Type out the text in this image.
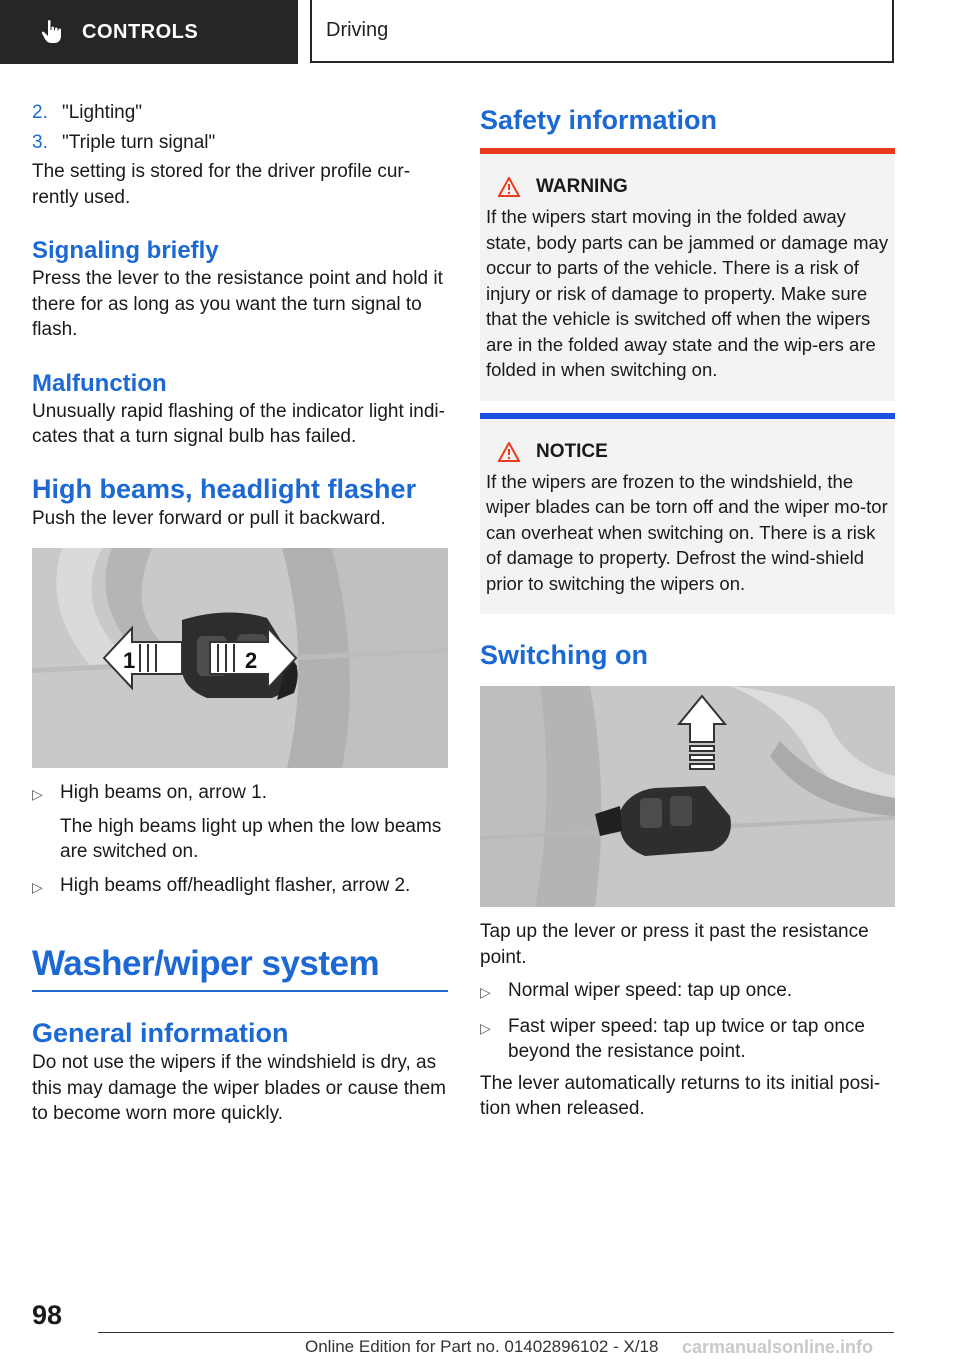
CONTROLS	Driving
2. "Lighting"
3. "Triple turn signal"

The setting is stored for the driver profile cur-rently used.

Signaling briefly

Press the lever to the resistance point and hold it there for as long as you want the turn signal to flash.

Malfunction

Unusually rapid flashing of the indicator light indi-cates that a turn signal bulb has failed.

High beams, headlight flasher

Push the lever forward or pull it backward.

1	2
▷ High beams on, arrow 1.
The high beams light up when the low beams are switched on.
▷ High beams off/headlight flasher, arrow 2.
Washer/wiper system
General information

Do not use the wipers if the windshield is dry, as this may damage the wiper blades or cause them to become worn more quickly.

Safety information
WARNING

If the wipers start moving in the folded away state, body parts can be jammed or damage may occur to parts of the vehicle. There is a risk of injury or risk of damage to property. Make sure that the vehicle is switched off when the wipers are in the folded away state and the wip-ers are folded in when switching on.

NOTICE

If the wipers are frozen to the windshield, the wiper blades can be torn off and the wiper mo-tor can overheat when switching on. There is a risk of damage to property. Defrost the wind-shield prior to switching the wipers on.

Switching on

Tap up the lever or press it past the resistance point.

▷ Normal wiper speed: tap up once.
▷ Fast wiper speed: tap up twice or tap once beyond the resistance point.

The lever automatically returns to its initial posi-tion when released.

98
Online Edition for Part no. 01402896102 - X/18 carmanualsonline.info
